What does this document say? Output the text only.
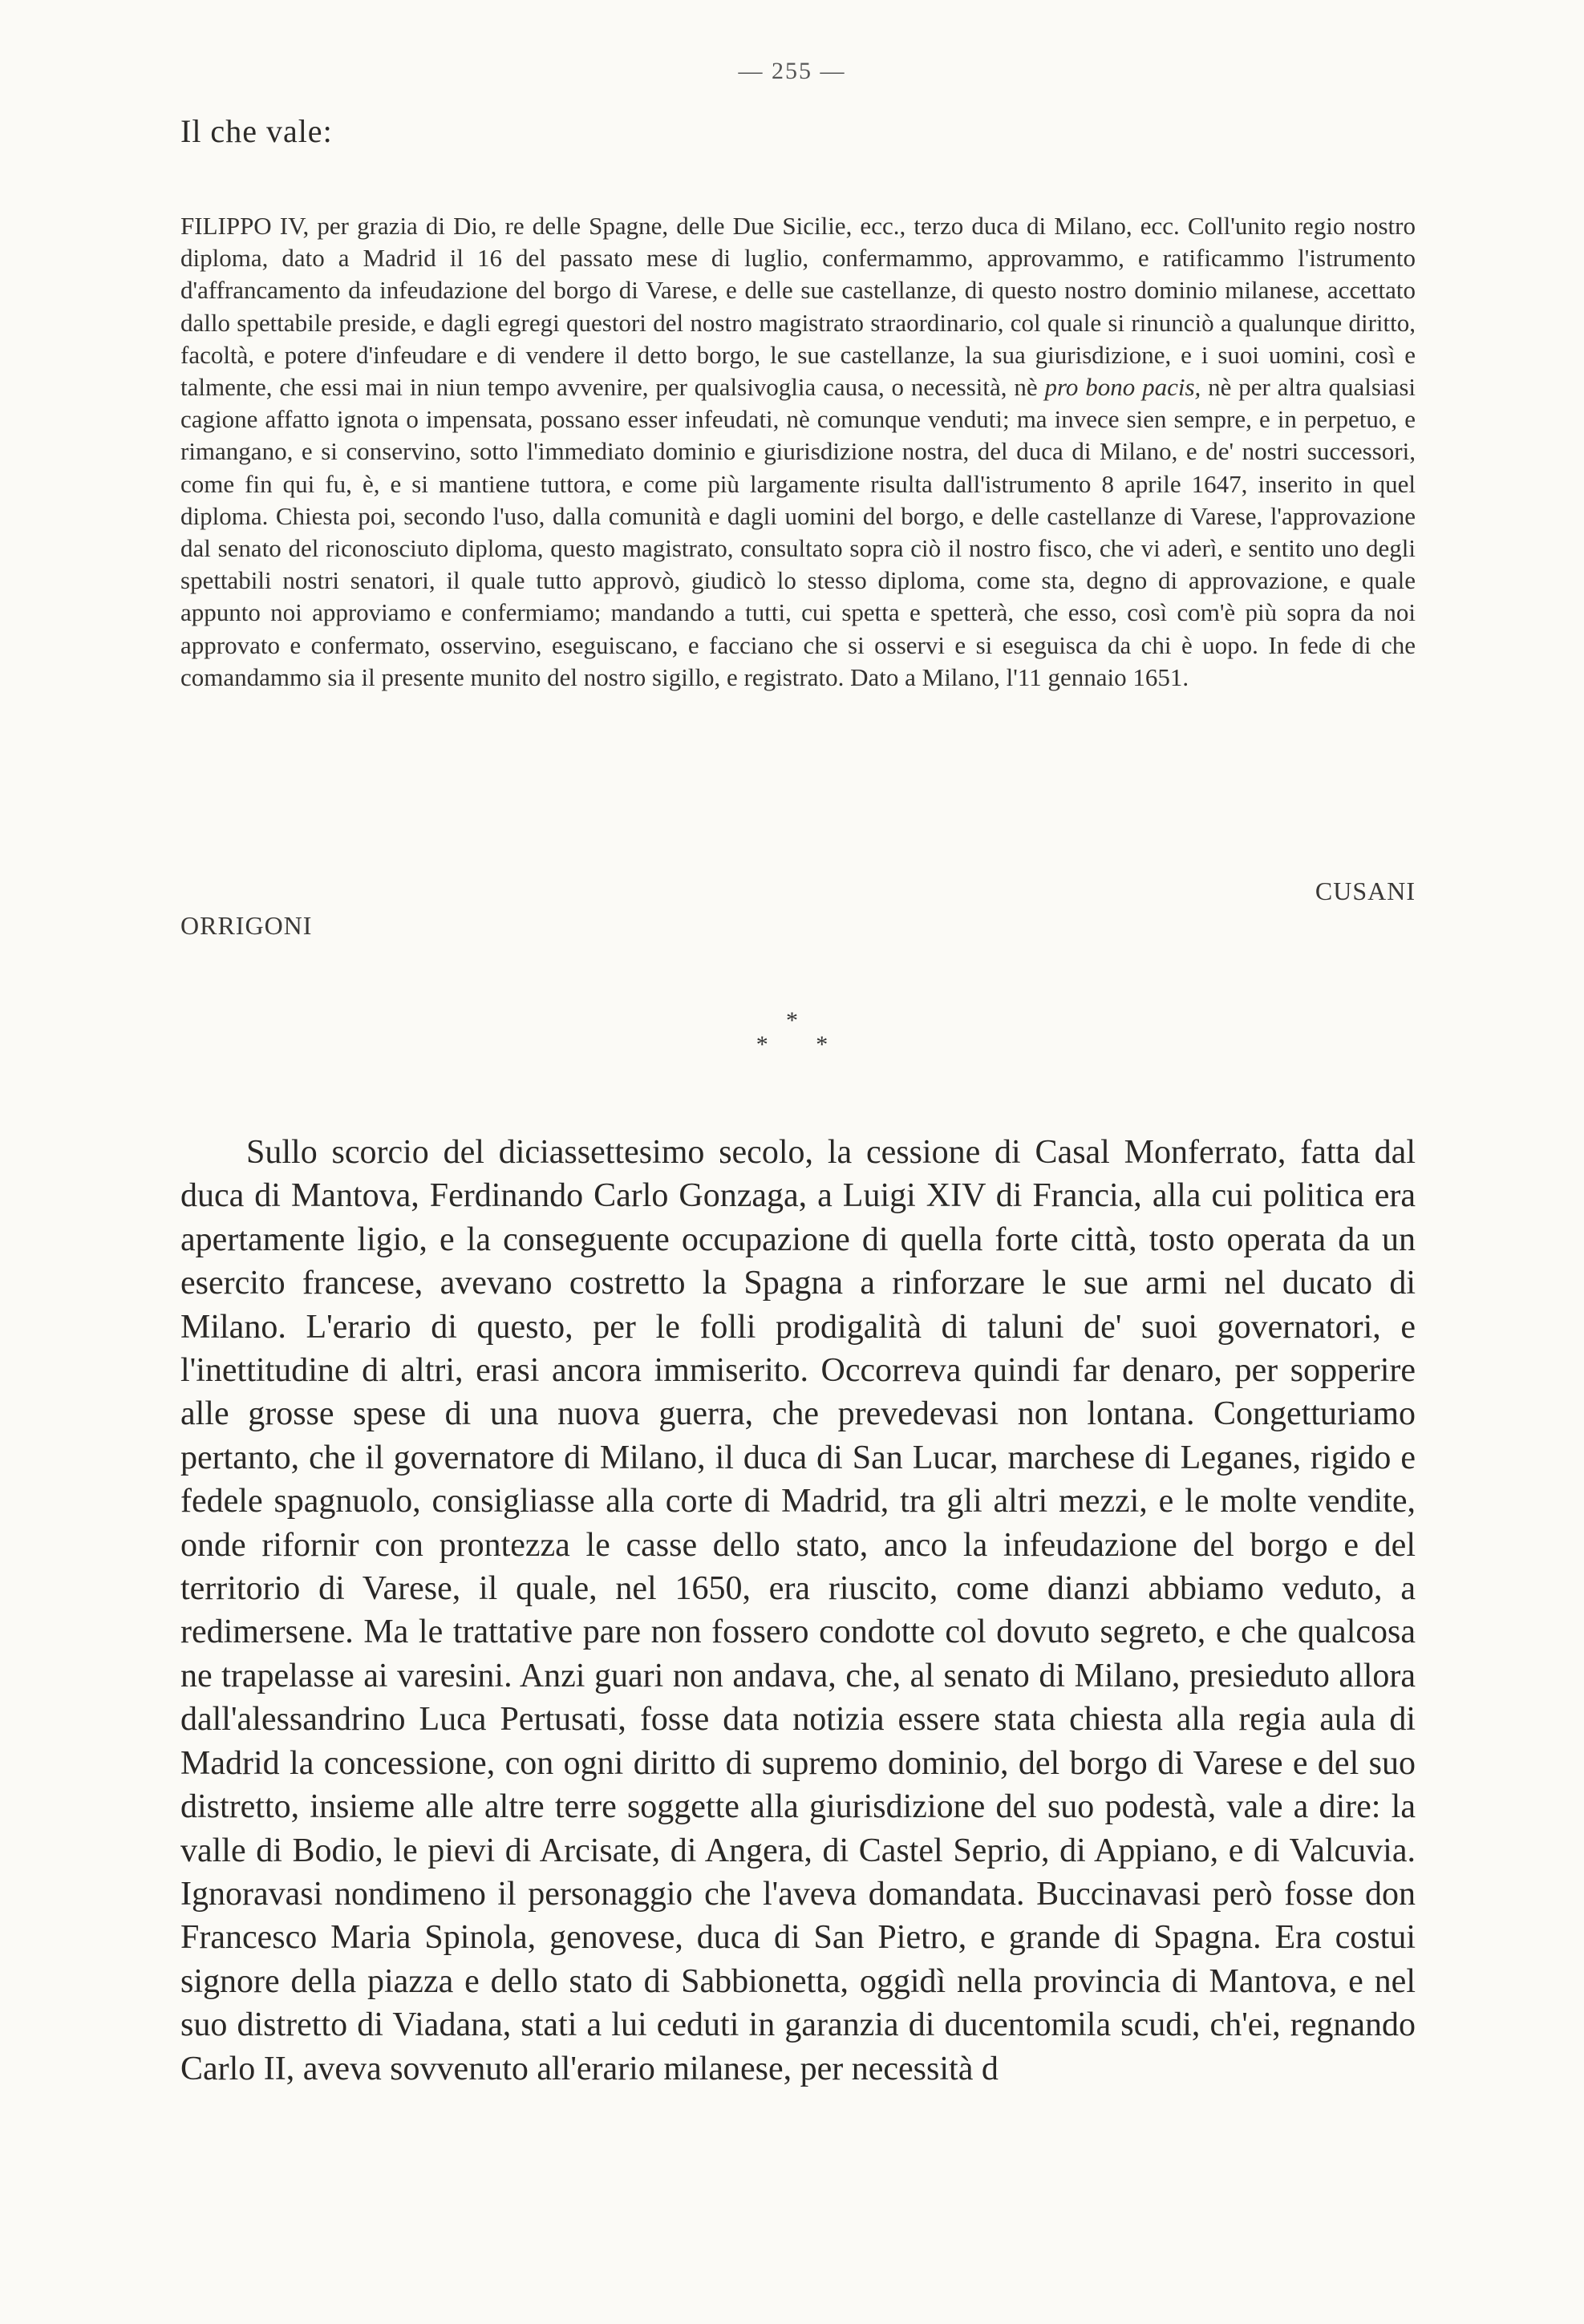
— 255 —
Il che vale:

FILIPPO IV, per grazia di Dio, re delle Spagne, delle Due Sicilie, ecc., terzo duca di Milano, ecc. Coll'unito regio nostro diploma, dato a Madrid il 16 del passato mese di luglio, confermammo, approvammo, e ratificammo l'istrumento d'affrancamento da infeudazione del borgo di Varese, e delle sue castellanze, di questo nostro dominio milanese, accettato dallo spettabile preside, e dagli egregi questori del nostro magistrato straordinario, col quale si rinunciò a qualunque diritto, facoltà, e potere d'infeudare e di vendere il detto borgo, le sue castellanze, la sua giurisdizione, e i suoi uomini, così e talmente, che essi mai in niun tempo avvenire, per qualsivoglia causa, o necessità, nè pro bono pacis, nè per altra qualsiasi cagione affatto ignota o impensata, possano esser infeudati, nè comunque venduti; ma invece sien sempre, e in perpetuo, e rimangano, e si conservino, sotto l'immediato dominio e giurisdizione nostra, del duca di Milano, e de' nostri successori, come fin qui fu, è, e si mantiene tuttora, e come più largamente risulta dall'istrumento 8 aprile 1647, inserito in quel diploma. Chiesta poi, secondo l'uso, dalla comunità e dagli uomini del borgo, e delle castellanze di Varese, l'approvazione dal senato del riconosciuto diploma, questo magistrato, consultato sopra ciò il nostro fisco, che vi aderì, e sentito uno degli spettabili nostri senatori, il quale tutto approvò, giudicò lo stesso diploma, come sta, degno di approvazione, e quale appunto noi approviamo e confermiamo; mandando a tutti, cui spetta e spetterà, che esso, così com'è più sopra da noi approvato e confermato, osservino, eseguiscano, e facciano che si osservi e si eseguisca da chi è uopo. In fede di che comandammo sia il presente munito del nostro sigillo, e registrato. Dato a Milano, l'11 gennaio 1651.

CUSANI
ORRIGONI
*
* *

Sullo scorcio del diciassettesimo secolo, la cessione di Casal Monferrato, fatta dal duca di Mantova, Ferdinando Carlo Gonzaga, a Luigi XIV di Francia, alla cui politica era apertamente ligio, e la conseguente occupazione di quella forte città, tosto operata da un esercito francese, avevano costretto la Spagna a rinforzare le sue armi nel ducato di Milano. L'erario di questo, per le folli prodigalità di taluni de' suoi governatori, e l'inettitudine di altri, erasi ancora immiserito. Occorreva quindi far denaro, per sopperire alle grosse spese di una nuova guerra, che prevedevasi non lontana. Congetturiamo pertanto, che il governatore di Milano, il duca di San Lucar, marchese di Leganes, rigido e fedele spagnuolo, consigliasse alla corte di Madrid, tra gli altri mezzi, e le molte vendite, onde rifornir con prontezza le casse dello stato, anco la infeudazione del borgo e del territorio di Varese, il quale, nel 1650, era riuscito, come dianzi abbiamo veduto, a redimersene. Ma le trattative pare non fossero condotte col dovuto segreto, e che qualcosa ne trapelasse ai varesini. Anzi guari non andava, che, al senato di Milano, presieduto allora dall'alessandrino Luca Pertusati, fosse data notizia essere stata chiesta alla regia aula di Madrid la concessione, con ogni diritto di supremo dominio, del borgo di Varese e del suo distretto, insieme alle altre terre soggette alla giurisdizione del suo podestà, vale a dire: la valle di Bodio, le pievi di Arcisate, di Angera, di Castel Seprio, di Appiano, e di Valcuvia. Ignoravasi nondimeno il personaggio che l'aveva domandata. Buccinavasi però fosse don Francesco Maria Spinola, genovese, duca di San Pietro, e grande di Spagna. Era costui signore della piazza e dello stato di Sabbionetta, oggidì nella provincia di Mantova, e nel suo distretto di Viadana, stati a lui ceduti in garanzia di ducentomila scudi, ch'ei, regnando Carlo II, aveva sovvenuto all'erario milanese, per necessità d
